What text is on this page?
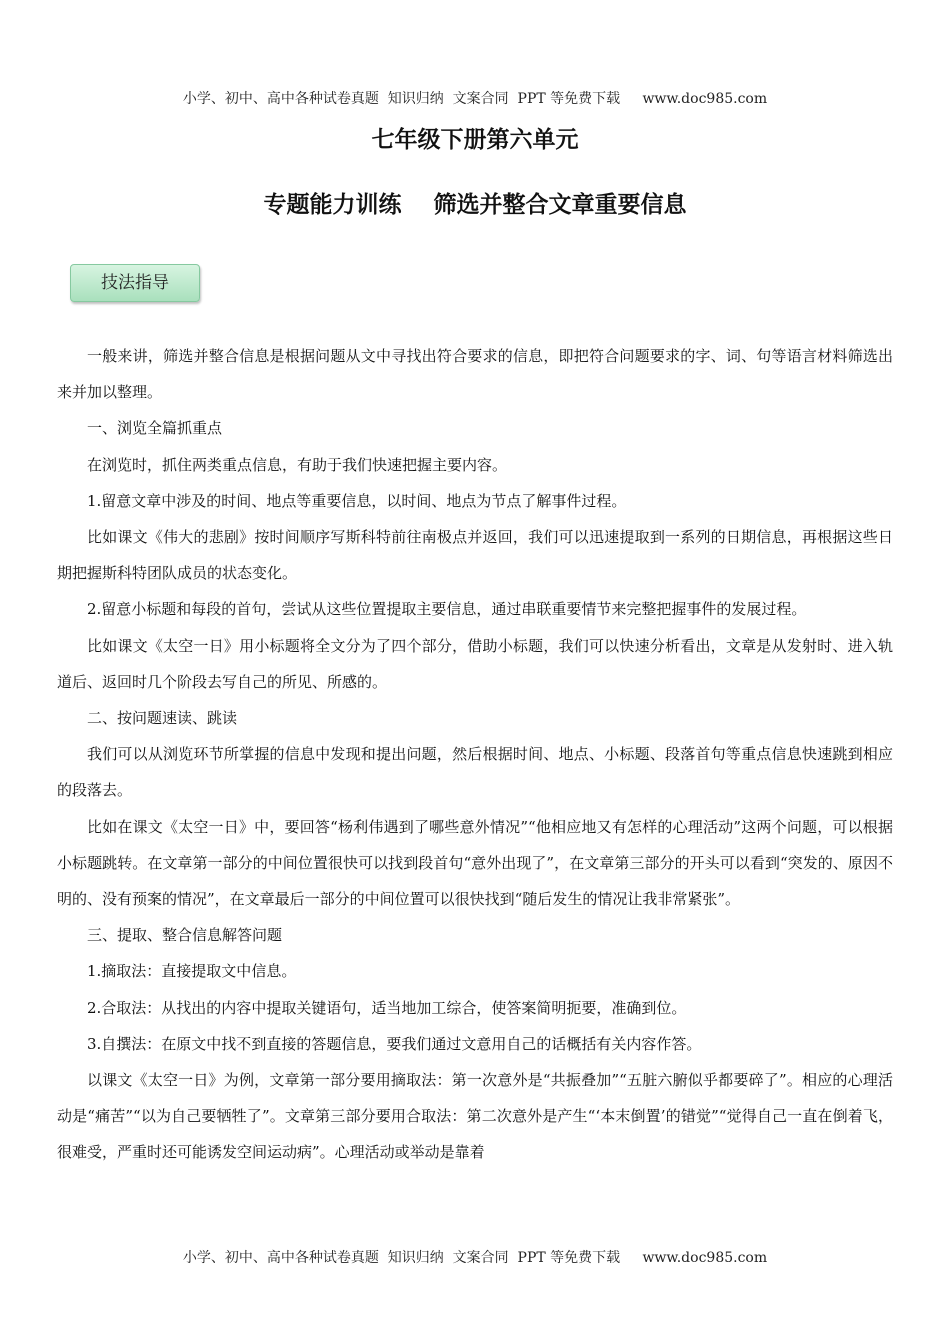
小学、初中、高中各种试卷真题  知识归纳  文案合同  PPT 等免费下载     www.doc985.com
七年级下册第六单元
专题能力训练    筛选并整合文章重要信息
技法指导

一般来讲，筛选并整合信息是根据问题从文中寻找出符合要求的信息，即把符合问题要求的字、词、句等语言材料筛选出来并加以整理。

一、浏览全篇抓重点

在浏览时，抓住两类重点信息，有助于我们快速把握主要内容。

1.留意文章中涉及的时间、地点等重要信息，以时间、地点为节点了解事件过程。

比如课文《伟大的悲剧》按时间顺序写斯科特前往南极点并返回，我们可以迅速提取到一系列的日期信息，再根据这些日期把握斯科特团队成员的状态变化。

2.留意小标题和每段的首句，尝试从这些位置提取主要信息，通过串联重要情节来完整把握事件的发展过程。

比如课文《太空一日》用小标题将全文分为了四个部分，借助小标题，我们可以快速分析看出，文章是从发射时、进入轨道后、返回时几个阶段去写自己的所见、所感的。

二、按问题速读、跳读

我们可以从浏览环节所掌握的信息中发现和提出问题，然后根据时间、地点、小标题、段落首句等重点信息快速跳到相应的段落去。

比如在课文《太空一日》中，要回答“杨利伟遇到了哪些意外情况”“他相应地又有怎样的心理活动”这两个问题，可以根据小标题跳转。在文章第一部分的中间位置很快可以找到段首句“意外出现了”，在文章第三部分的开头可以看到“突发的、原因不明的、没有预案的情况”，在文章最后一部分的中间位置可以很快找到“随后发生的情况让我非常紧张”。

三、提取、整合信息解答问题

1.摘取法：直接提取文中信息。

2.合取法：从找出的内容中提取关键语句，适当地加工综合，使答案简明扼要，准确到位。

3.自撰法：在原文中找不到直接的答题信息，要我们通过文意用自己的话概括有关内容作答。

以课文《太空一日》为例，文章第一部分要用摘取法：第一次意外是“共振叠加”“五脏六腑似乎都要碎了”。相应的心理活动是“痛苦”“以为自己要牺牲了”。文章第三部分要用合取法：第二次意外是产生“‘本末倒置’的错觉”“觉得自己一直在倒着飞，很难受，严重时还可能诱发空间运动病”。心理活动或举动是靠着

小学、初中、高中各种试卷真题  知识归纳  文案合同  PPT 等免费下载     www.doc985.com
